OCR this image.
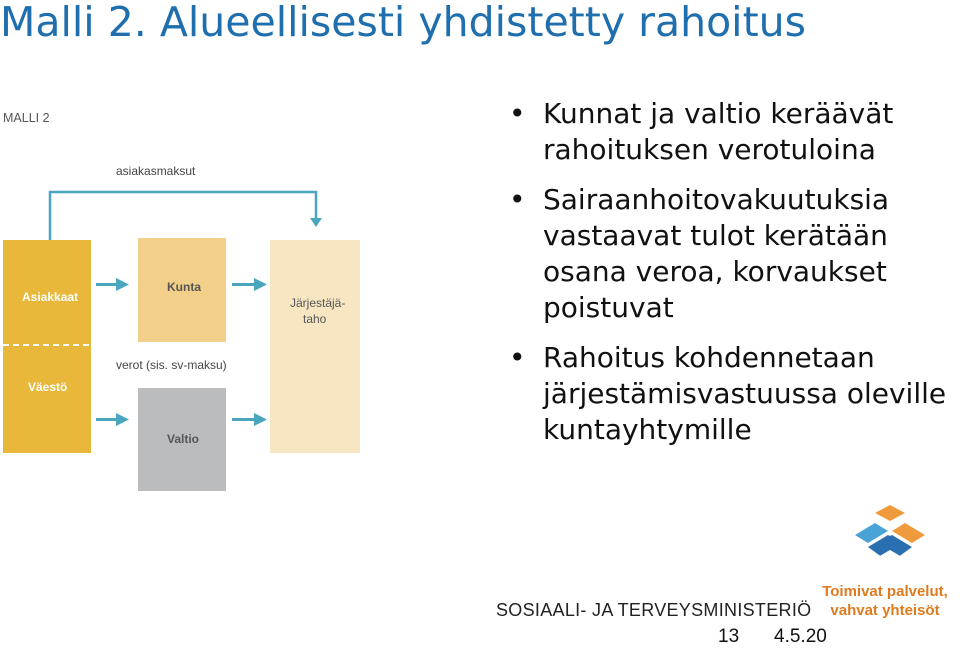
Malli 2. Alueellisesti yhdistetty rahoitus
MALLI 2
asiakasmaksut
verot (sis. sv-maksu)
Asiakkaat
Väestö
Kunta
Valtio
Järjestäjä-
taho
• Kunnat ja valtio keräävät rahoituksen verotuloina
• Sairaanhoitovakuutuksia vastaavat tulot kerätään osana veroa, korvaukset poistuvat
• Rahoitus kohdennetaan järjestämisvastuussa oleville kuntayhtymille
Toimivat palvelut,
vahvat yhteisöt
SOSIAALI- JA TERVEYSMINISTERIÖ
13 4.5.20
